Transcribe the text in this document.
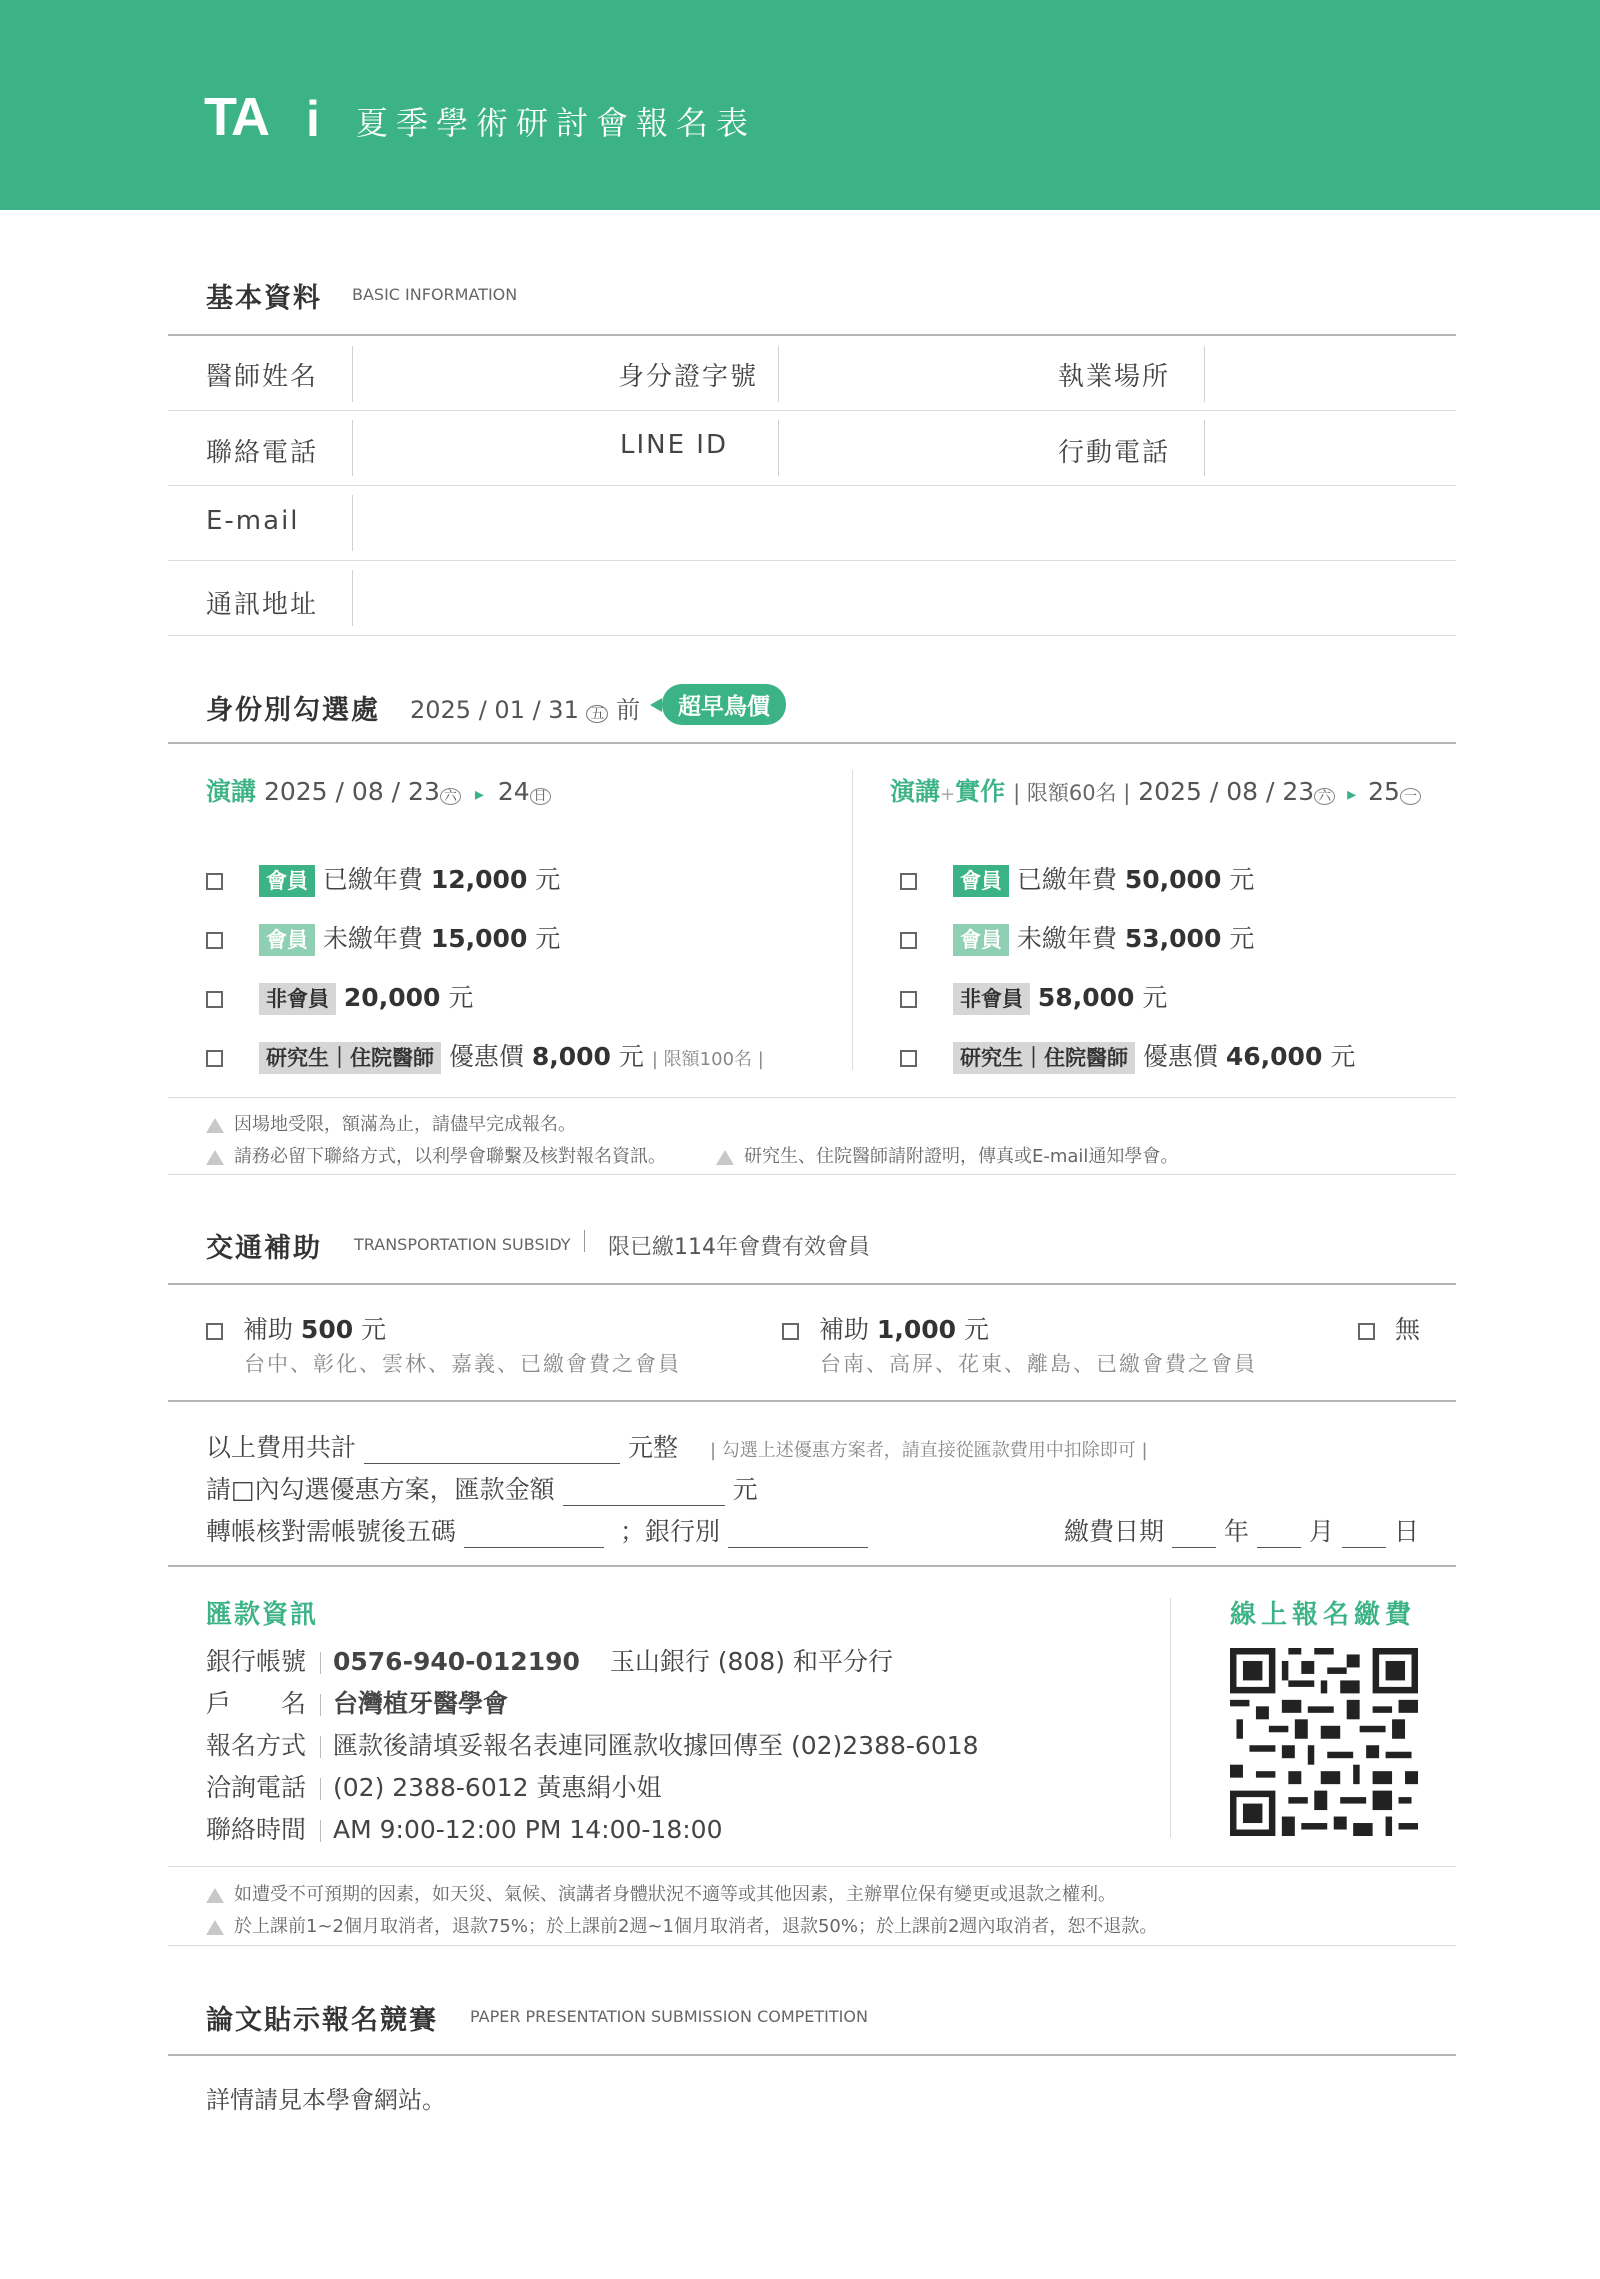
TA i 夏季學術研討會報名表
基本資料 BASIC INFORMATION
醫師姓名	身分證字號	執業場所
聯絡電話	LINE ID	行動電話
E-mail
通訊地址
身份別勾選處 2025 / 01 / 31 五 前	超早鳥價
演講 2025 / 08 / 23 六 ▸ 24 日
會員 已繳年費 12,000 元
會員 未繳年費 15,000 元
非會員 20,000 元
研究生｜住院醫師 優惠價 8,000 元 | 限額100名 |
演講+實作 | 限額60名 | 2025 / 08 / 23 六 ▸ 25 一
會員 已繳年費 50,000 元
會員 未繳年費 53,000 元
非會員 58,000 元
研究生｜住院醫師 優惠價 46,000 元
因場地受限，額滿為止，請儘早完成報名。
請務必留下聯絡方式，以利學會聯繫及核對報名資訊。	研究生、住院醫師請附證明，傳真或E-mail通知學會。
交通補助 TRANSPORTATION SUBSIDY 限已繳114年會費有效會員
補助 500 元
台中、彰化、雲林、嘉義、已繳會費之會員
補助 1,000 元
台南、高屏、花東、離島、已繳會費之會員
無
以上費用共計	元整 | 勾選上述優惠方案者，請直接從匯款費用中扣除即可 |
請□內勾選優惠方案，匯款金額	元
轉帳核對需帳號後五碼	；銀行別	繳費日期 年 月 日
匯款資訊
銀行帳號 0576-940-012190 玉山銀行 (808) 和平分行
戶　　名 台灣植牙醫學會
報名方式 匯款後請填妥報名表連同匯款收據回傳至 (02)2388-6018
洽詢電話 (02) 2388-6012 黃惠絹小姐
聯絡時間 AM 9:00-12:00 PM 14:00-18:00
線上報名繳費
如遭受不可預期的因素，如天災、氣候、演講者身體狀況不適等或其他因素，主辦單位保有變更或退款之權利。
於上課前1~2個月取消者，退款75%；於上課前2週~1個月取消者，退款50%；於上課前2週內取消者，恕不退款。
論文貼示報名競賽 PAPER PRESENTATION SUBMISSION COMPETITION
詳情請見本學會網站。
